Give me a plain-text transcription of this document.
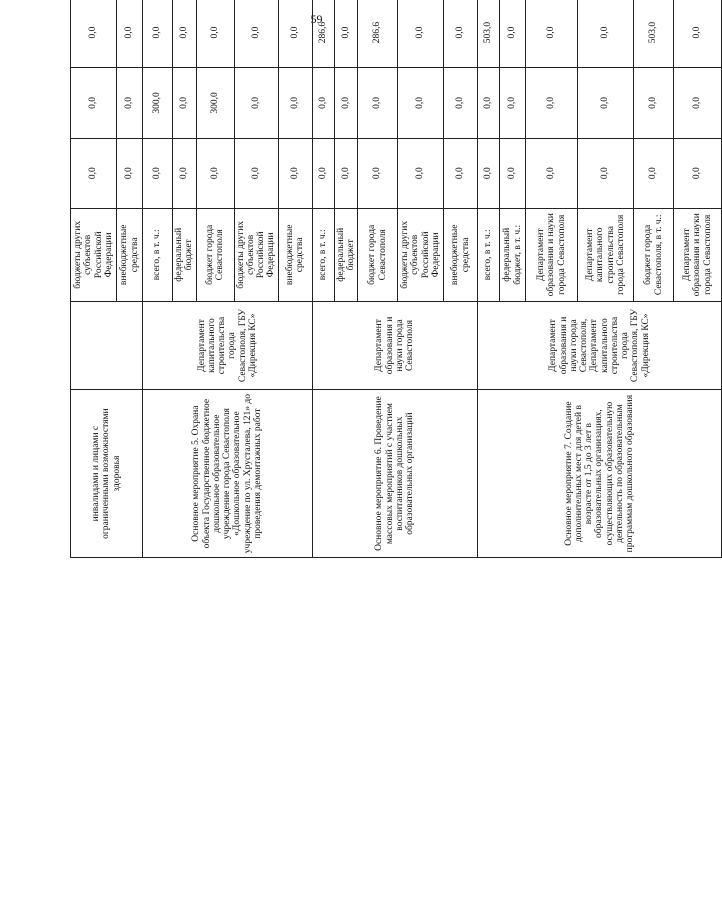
59
инвалидами и лицами с ограниченными возможностями здоровья		бюджеты других субъектов Российской Федерации	0,0	0,0	0,0				
		внебюджетные средства	0,0	0,0	0,0				
Основное мероприятие 5. Охрана объекта Государственное бюджетное дошкольное образовательное учреждение города Севастополя «Дошкольное образовательное учреждение по ул. Хрусталева, 121» до проведения демонтажных работ	Департамент капитального строительства города Севастополя, ГБУ «Дирекция КС»	всего, в т. ч.:	0,0	300,0	0,0				
		федеральный бюджет	0,0	0,0	0,0				
		бюджет города Севастополя	0,0	300,0	0,0				
		бюджеты других субъектов Российской Федерации	0,0	0,0	0,0				
		внебюджетные средства	0,0	0,0	0,0				
Основное мероприятие 6. Проведение массовых мероприятий с участием воспитанников дошкольных образовательных организаций	Департамент образования и науки города Севастополя	всего, в т. ч.:	0,0	0,0	286,6				
		федеральный бюджет	0,0	0,0	0,0				
		бюджет города Севастополя	0,0	0,0	286,6				
		бюджеты других субъектов Российской Федерации	0,0	0,0	0,0				
		внебюджетные средства	0,0	0,0	0,0				
Основное мероприятие 7. Создание дополнительных мест для детей в возрасте от 1,5 до 3 лет в образовательных организациях, осуществляющих образовательную деятельность по образовательным программам дошкольного образования	Департамент образования и науки города Севастополя, Департамент капитального строительства города Севастополя, ГБУ «Дирекция КС»	всего, в т. ч.:	0,0	0,0	503,0				
		федеральный бюджет, в т. ч.:	0,0	0,0	0,0				
		Департамент образования и науки города Севастополя	0,0	0,0	0,0				
		Департамент капитального строительства города Севастополя	0,0	0,0	0,0				
		бюджет города Севастополя, в т. ч.:	0,0	0,0	503,0				
		Департамент образования и науки города Севастополя	0,0	0,0	0,0				
